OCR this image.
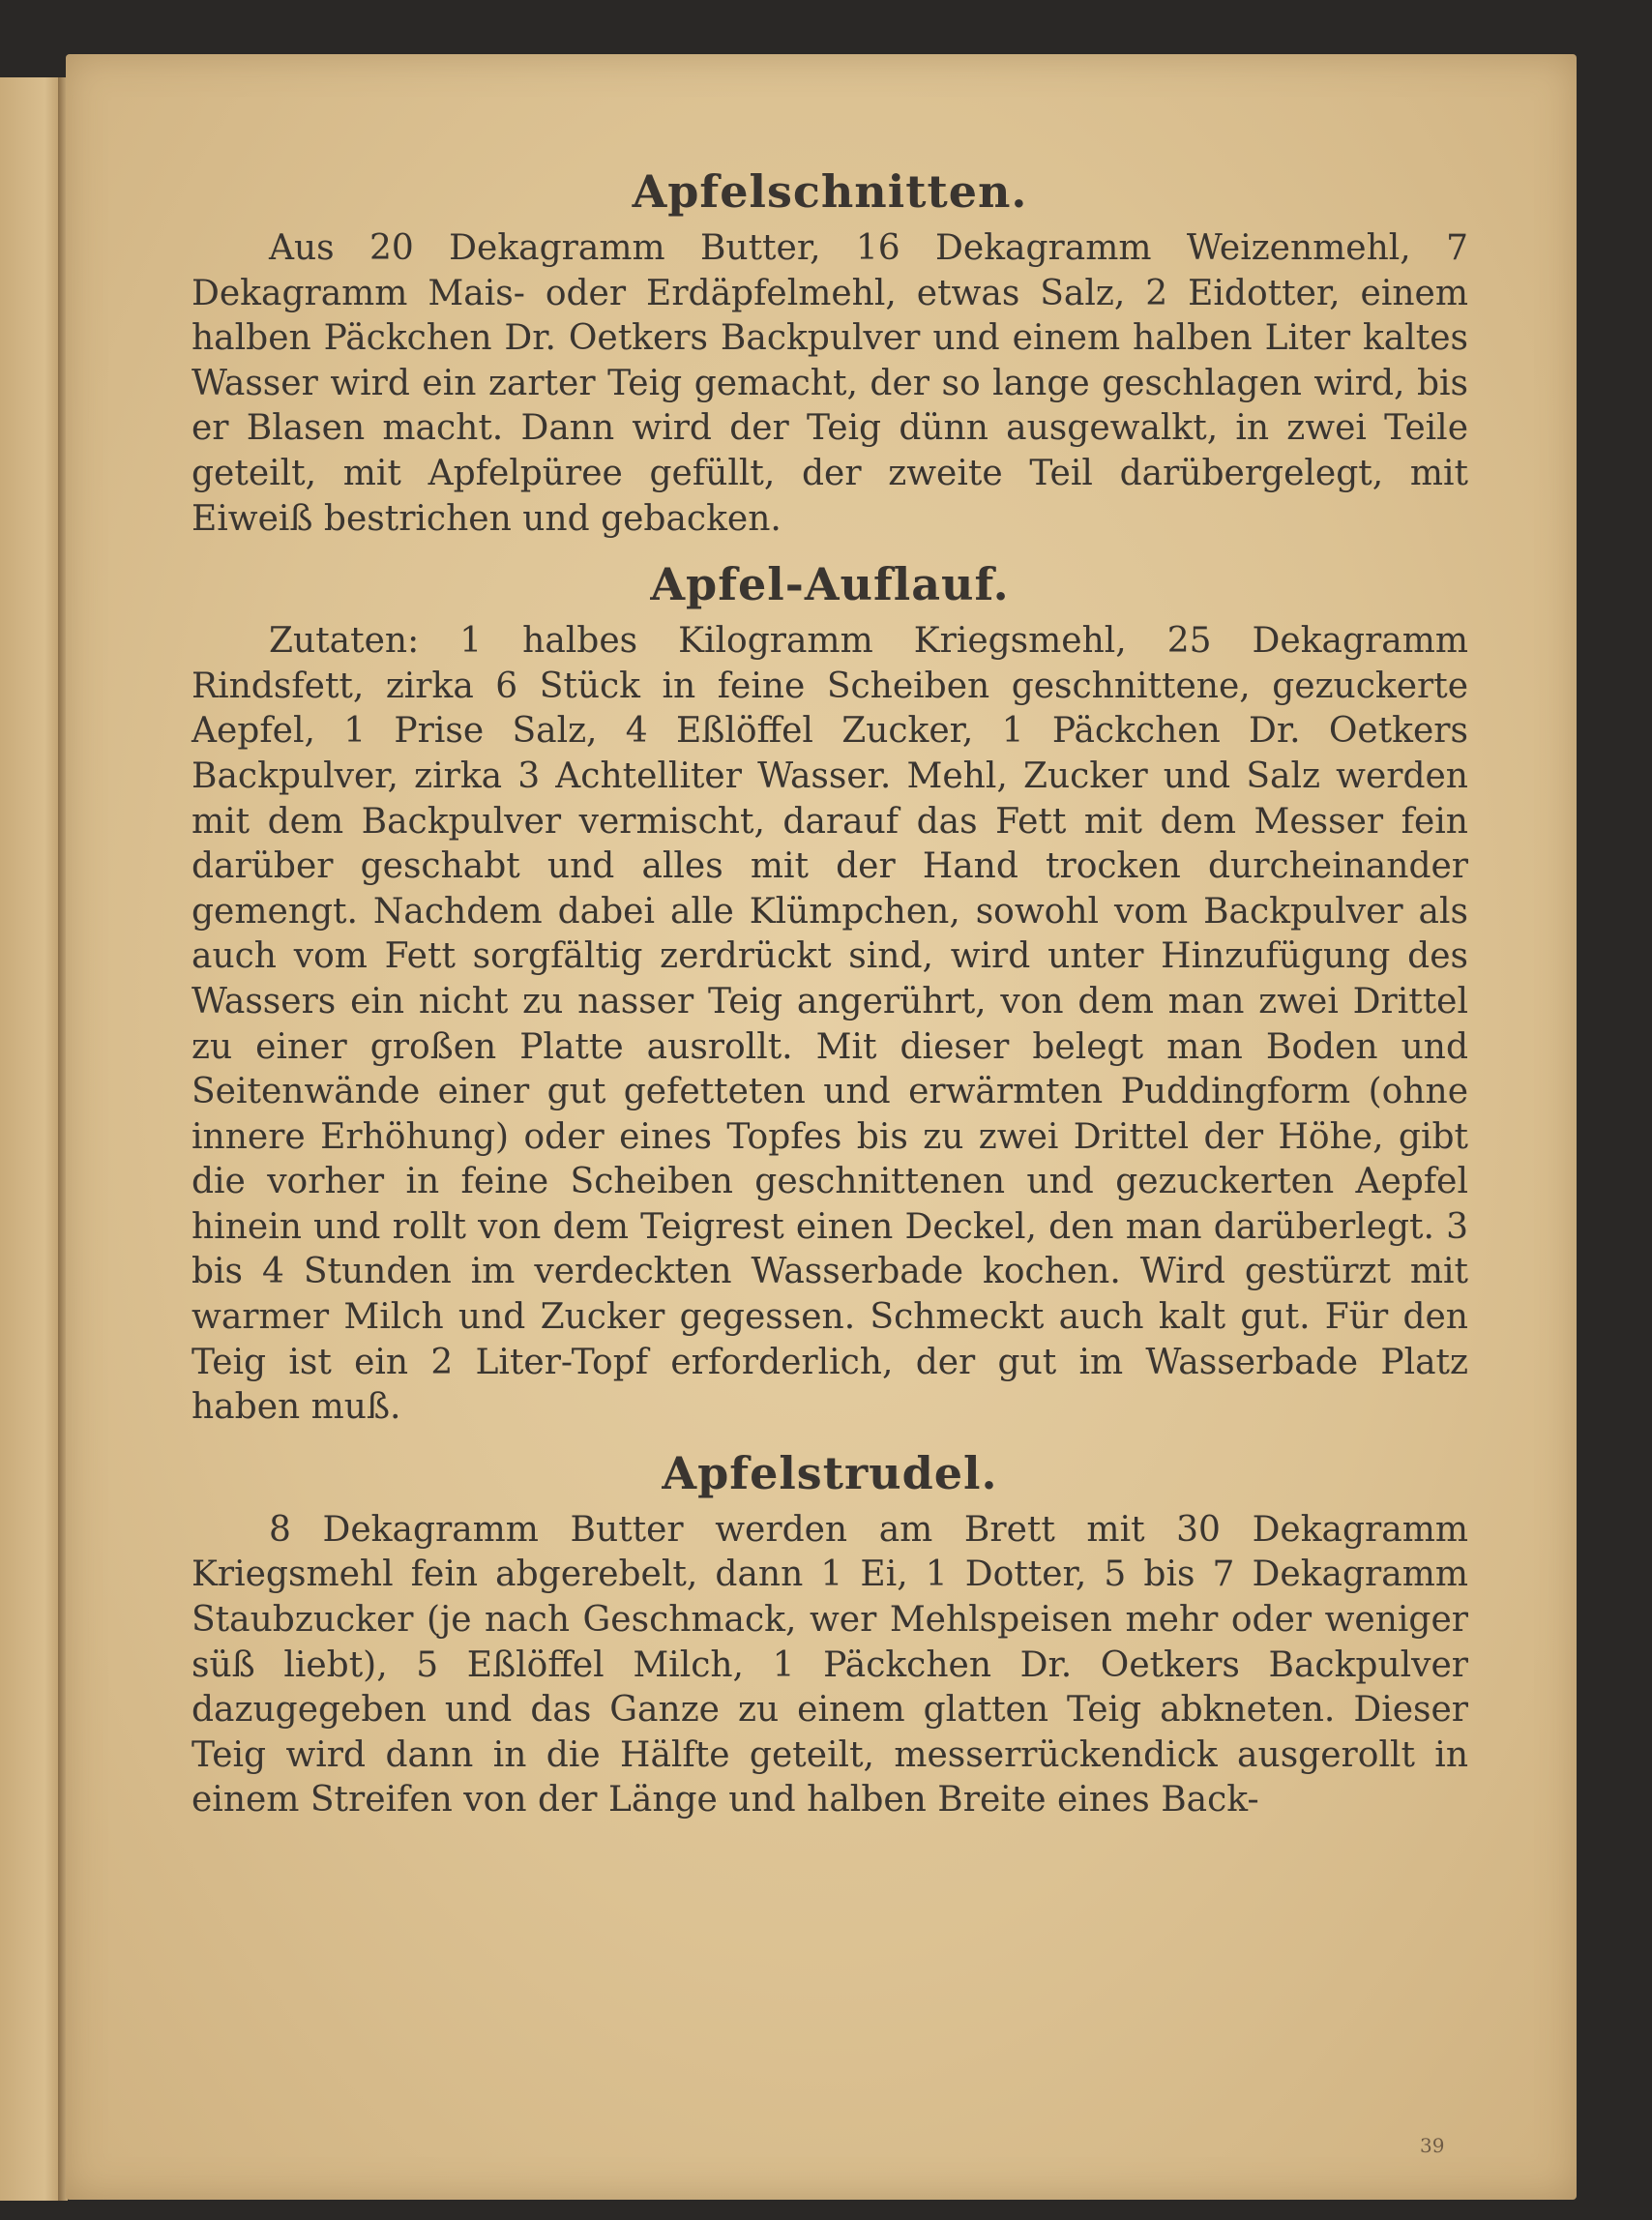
Apfelschnitten.

Aus 20 Dekagramm Butter, 16 Dekagramm Weizenmehl, 7 Dekagramm Mais- oder Erdäpfelmehl, etwas Salz, 2 Eidotter, einem halben Päckchen Dr. Oetkers Backpulver und einem halben Liter kaltes Wasser wird ein zarter Teig gemacht, der so lange geschlagen wird, bis er Blasen macht. Dann wird der Teig dünn ausgewalkt, in zwei Teile geteilt, mit Apfelpüree gefüllt, der zweite Teil darübergelegt, mit Eiweiß bestrichen und gebacken.

Apfel-Auflauf.

Zutaten: 1 halbes Kilogramm Kriegsmehl, 25 Dekagramm Rindsfett, zirka 6 Stück in feine Scheiben geschnittene, gezuckerte Aepfel, 1 Prise Salz, 4 Eßlöffel Zucker, 1 Päckchen Dr. Oetkers Backpulver, zirka 3 Achtelliter Wasser. Mehl, Zucker und Salz werden mit dem Backpulver vermischt, darauf das Fett mit dem Messer fein darüber geschabt und alles mit der Hand trocken durcheinander gemengt. Nachdem dabei alle Klümpchen, sowohl vom Backpulver als auch vom Fett sorgfältig zerdrückt sind, wird unter Hinzufügung des Wassers ein nicht zu nasser Teig angerührt, von dem man zwei Drittel zu einer großen Platte ausrollt. Mit dieser belegt man Boden und Seitenwände einer gut gefetteten und erwärmten Puddingform (ohne innere Erhöhung) oder eines Topfes bis zu zwei Drittel der Höhe, gibt die vorher in feine Scheiben geschnittenen und gezuckerten Aepfel hinein und rollt von dem Teigrest einen Deckel, den man darüberlegt. 3 bis 4 Stunden im verdeckten Wasserbade kochen. Wird gestürzt mit warmer Milch und Zucker gegessen. Schmeckt auch kalt gut. Für den Teig ist ein 2 Liter-Topf erforderlich, der gut im Wasserbade Platz haben muß.

Apfelstrudel.

8 Dekagramm Butter werden am Brett mit 30 Dekagramm Kriegsmehl fein abgerebelt, dann 1 Ei, 1 Dotter, 5 bis 7 Dekagramm Staubzucker (je nach Geschmack, wer Mehlspeisen mehr oder weniger süß liebt), 5 Eßlöffel Milch, 1 Päckchen Dr. Oetkers Backpulver dazugegeben und das Ganze zu einem glatten Teig abkneten. Dieser Teig wird dann in die Hälfte geteilt, messerrückendick ausgerollt in einem Streifen von der Länge und halben Breite eines Back-

39
